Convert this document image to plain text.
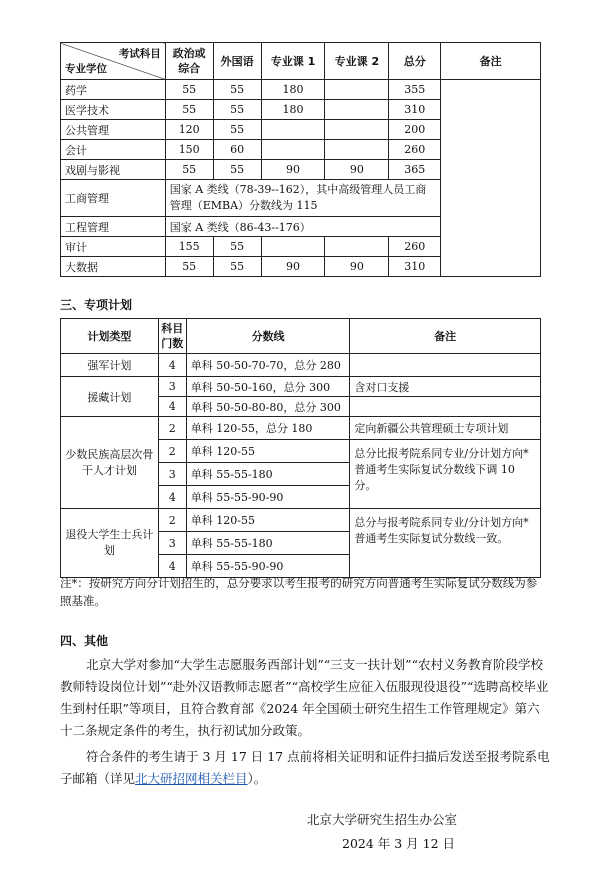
考试科目
专业学位	政治或综合	外国语	专业课 1	专业课 2	总分	备注
药学	55	55	180		355	
医学技术	55	55	180		310	
公共管理	120	55			200	
会计	150	60			260	
戏剧与影视	55	55	90	90	365	
工商管理	国家 A 类线（78-39--162），其中高级管理人员工商管理（EMBA）分数线为 115					
工程管理	国家 A 类线（86-43--176）					
审计	155	55			260	
大数据	55	55	90	90	310	
三、专项计划
计划类型	科目门数	分数线	备注
强军计划	4	单科 50-50-70-70，总分 280	
援藏计划	3	单科 50-50-160，总分 300	含对口支援
	4	单科 50-50-80-80，总分 300	
少数民族高层次骨干人才计划	2	单科 120-55，总分 180	定向新疆公共管理硕士专项计划
	2	单科 120-55	总分比报考院系同专业/分计划方向*普通考生实际复试分数线下调 10 分。
	3	单科 55-55-180	
	4	单科 55-55-90-90	
退役大学生士兵计划	2	单科 120-55	总分与报考院系同专业/分计划方向*普通考生实际复试分数线一致。
	3	单科 55-55-180	
	4	单科 55-55-90-90	
注*：按研究方向分计划招生的，总分要求以考生报考的研究方向普通考生实际复试分数线为参照基准。
四、其他
北京大学对参加“大学生志愿服务西部计划”“三支一扶计划”“农村义务教育阶段学校教师特设岗位计划”“赴外汉语教师志愿者”“高校学生应征入伍服现役退役”“选聘高校毕业生到村任职”等项目，且符合教育部《2024 年全国硕士研究生招生工作管理规定》第六十二条规定条件的考生，执行初试加分政策。
符合条件的考生请于 3 月 17 日 17 点前将相关证明和证件扫描后发送至报考院系电子邮箱（详见北大研招网相关栏目）。
北京大学研究生招生办公室
2024 年 3 月 12 日
